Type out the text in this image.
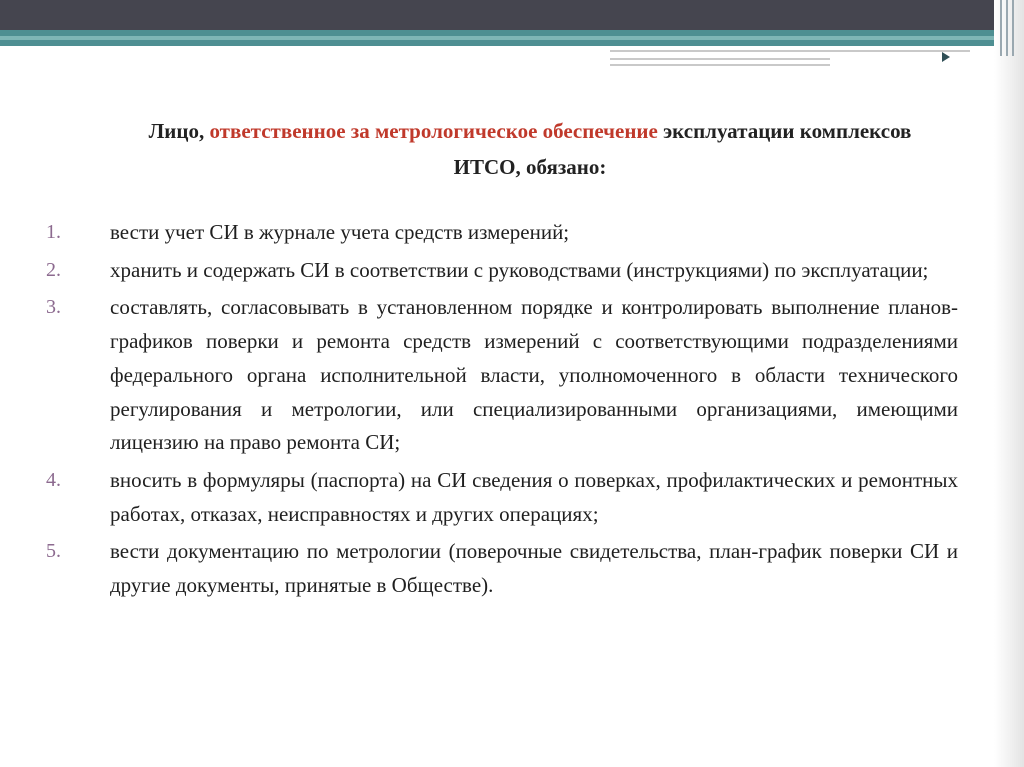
Лицо, ответственное за метрологическое обеспечение эксплуатации комплексов ИТСО, обязано:
1.	вести учет СИ в журнале учета средств измерений;
2.	хранить и содержать СИ в соответствии с руководствами (инструкциями) по эксплуатации;
3.	составлять, согласовывать в установленном порядке и контролировать выполнение планов-графиков поверки и ремонта средств измерений с соответствующими подразделениями федерального органа исполнительной власти, уполномоченного в области технического регулирования и метрологии, или специализированными организациями, имеющими лицензию на право ремонта СИ;
4.	вносить в формуляры (паспорта) на СИ сведения о поверках, профилактических и ремонтных работах, отказах, неисправностях и других операциях;
5.	вести документацию по метрологии (поверочные свидетельства, план-график поверки СИ и другие документы, принятые в Обществе).
